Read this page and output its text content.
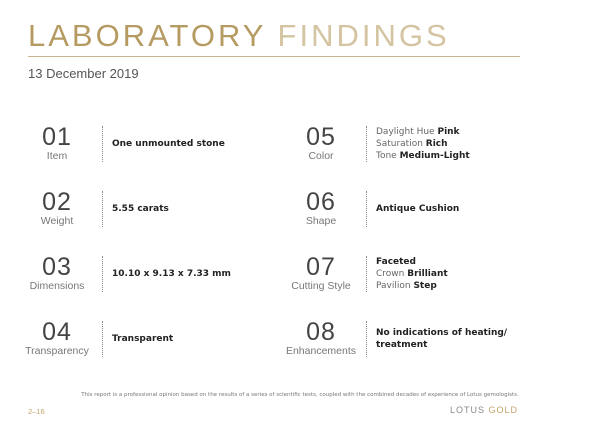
LABORATORY FINDINGS
13 December 2019
01
Item
One unmounted stone
02
Weight
5.55 carats
03
Dimensions
10.10 x 9.13 x 7.33 mm
04
Transparency
Transparent
05
Color
Daylight Hue Pink
Saturation Rich
Tone Medium-Light
06
Shape
Antique Cushion
07
Cutting Style
Faceted
Crown Brilliant
Pavilion Step
08
Enhancements
No indications of heating/
treatment
This report is a professional opinion based on the results of a series of scientific tests, coupled with the combined decades of experience of Lotus gemologists.
2–16	LOTUS GOLD
